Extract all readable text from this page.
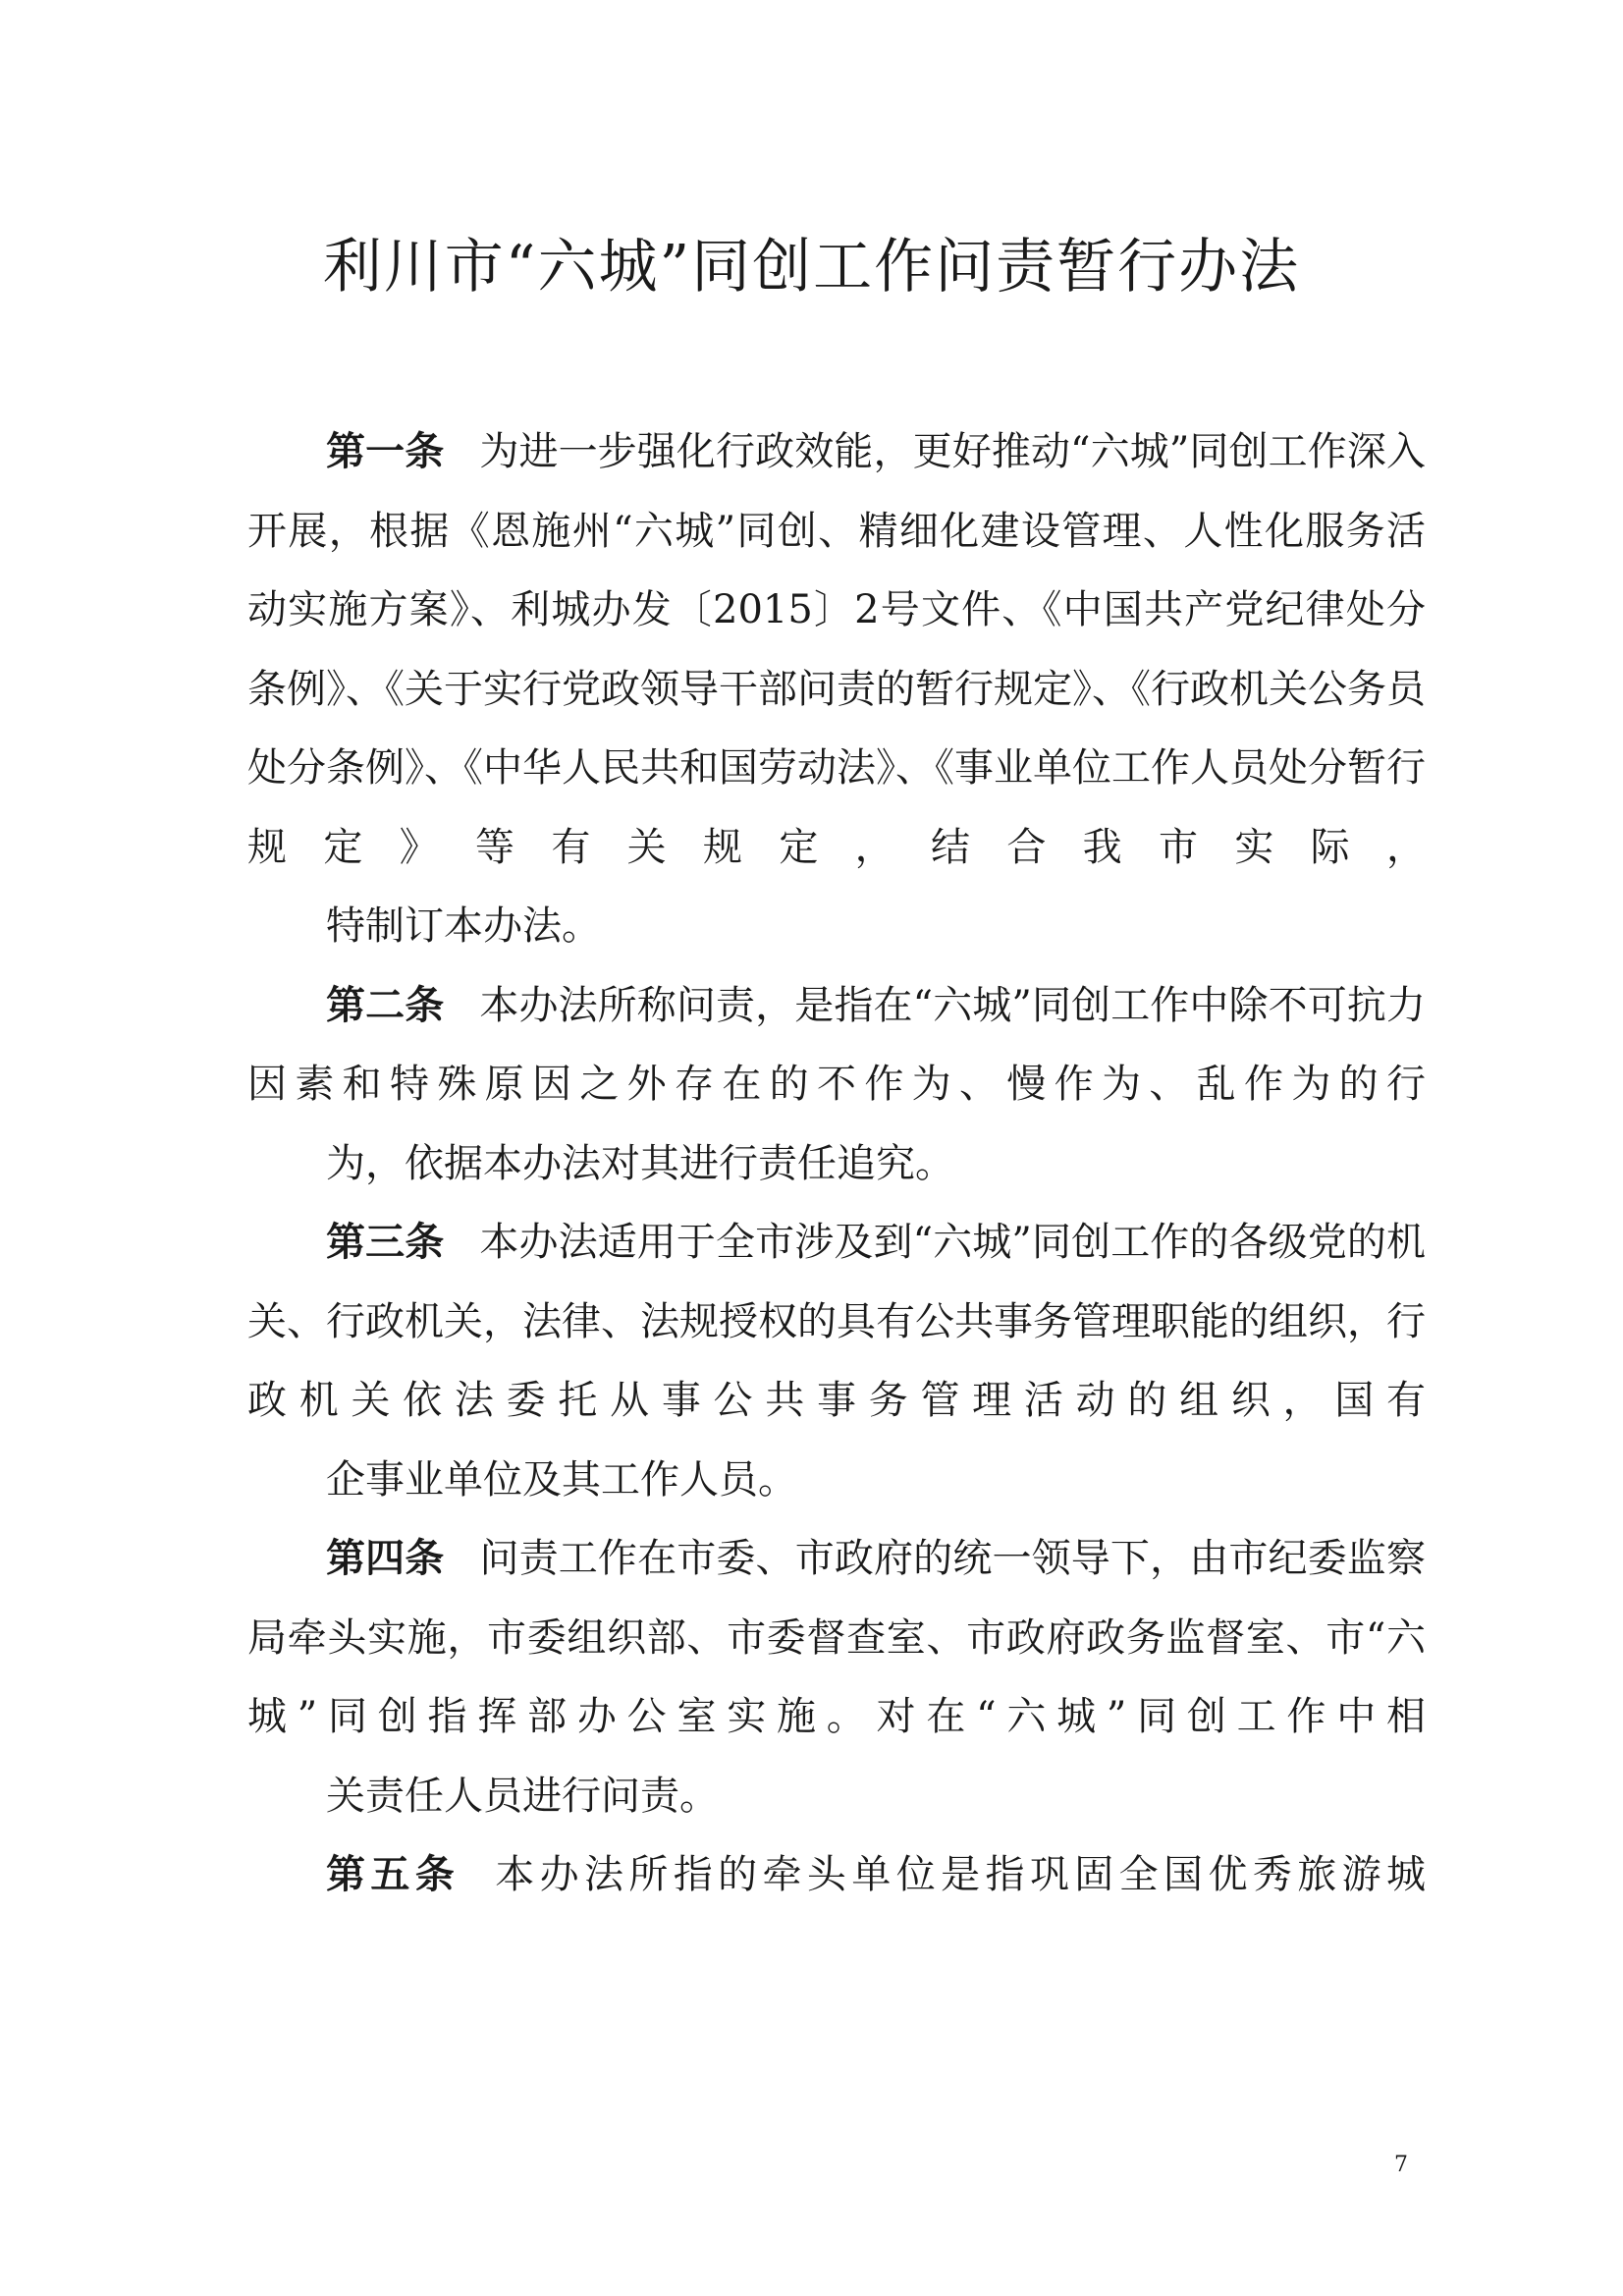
利川市“六城”同创工作问责暂行办法

第一条 为进一步强化行政效能，更好推动“六城”同创工作深入开展，根据《恩施州“六城”同创、精细化建设管理、人性化服务活动实施方案》、利城办发〔2015〕2号文件、《中国共产党纪律处分条例》、《关于实行党政领导干部问责的暂行规定》、《行政机关公务员处分条例》、《中华人民共和国劳动法》、《事业单位工作人员处分暂行规定》等有关规定，结合我市实际，
特制订本办法。

第二条 本办法所称问责，是指在“六城”同创工作中除不可抗力因素和特殊原因之外存在的不作为、慢作为、乱作为的行
为，依据本办法对其进行责任追究。

第三条 本办法适用于全市涉及到“六城”同创工作的各级党的机关、行政机关，法律、法规授权的具有公共事务管理职能的组织，行政机关依法委托从事公共事务管理活动的组织，国有
企事业单位及其工作人员。

第四条 问责工作在市委、市政府的统一领导下，由市纪委监察局牵头实施，市委组织部、市委督查室、市政府政务监督室、市“六城”同创指挥部办公室实施。对在“六城”同创工作中相
关责任人员进行问责。

第五条 本办法所指的牵头单位是指巩固全国优秀旅游城

7
